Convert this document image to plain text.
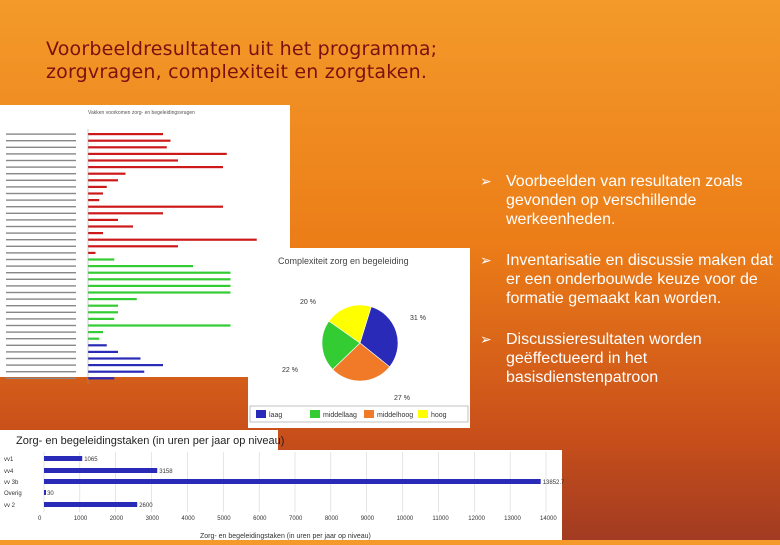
Voorbeeldresultaten uit het programma;
zorgvragen, complexiteit en zorgtaken.
Vakken voorkomen zorg- en begeleidingsvragen
Complexiteit zorg en begeleiding
31 %
27 %
22 %
20 %
laag	middellaag	middelhoog	hoog
Zorg- en begeleidingstaken (in uren per jaar op niveau)
0	1000	2000	3000	4000	5000	6000	7000	8000	9000	10000	11000	12000	13000	14000
vv1	1065
vv4	3158
vv 3b	13852.7
Overig	30
vv 2	2600
Zorg- en begeleidingstaken (in uren per jaar op niveau)
➢ Voorbeelden van resultaten zoals gevonden op verschillende werkeenheden.
➢ Inventarisatie en discussie maken dat er een onderbouwde keuze voor de formatie gemaakt kan worden.
➢ Discussieresultaten worden geëffectueerd in het basisdienstenpatroon
